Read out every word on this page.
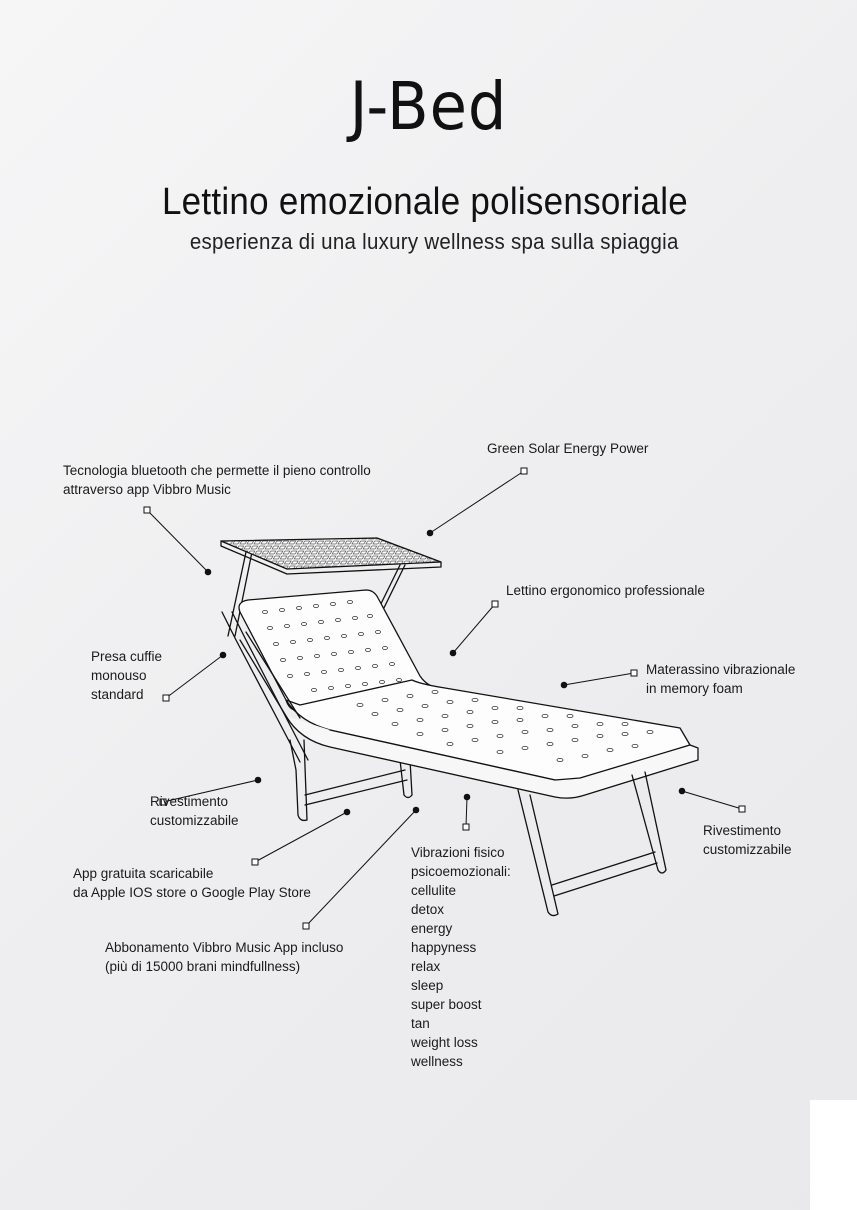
J-Bed
Lettino emozionale polisensoriale
esperienza di una luxury wellness spa sulla spiaggia
Green Solar Energy Power
Tecnologia bluetooth che permette il pieno controllo
attraverso app Vibbro Music
Lettino ergonomico professionale
Presa cuffie
monouso
standard
Materassino vibrazionale
in memory foam
Rivestimento
customizzabile
Rivestimento
customizzabile
App gratuita scaricabile
da Apple IOS store o Google Play Store
Abbonamento Vibbro Music App incluso
(più di 15000 brani mindfullness)
Vibrazioni fisico
psicoemozionali:
cellulite
detox
energy
happyness
relax
sleep
super boost
tan
weight loss
wellness
